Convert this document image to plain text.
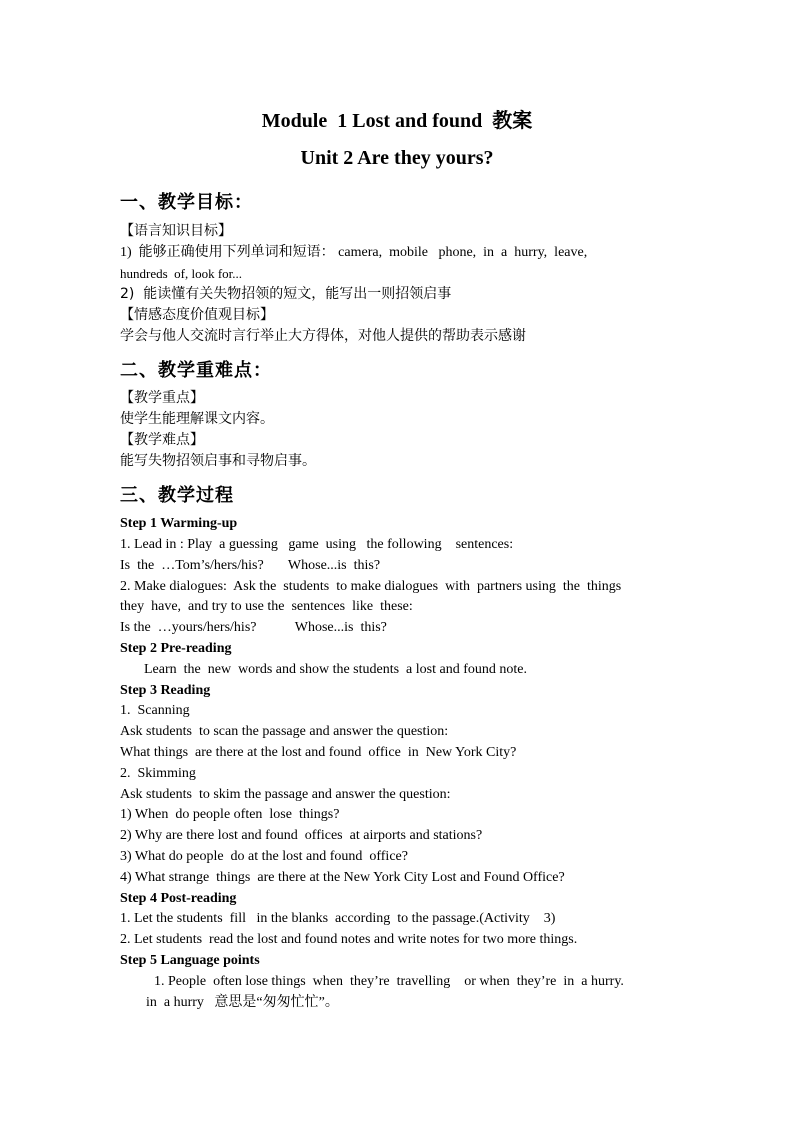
Module  1 Lost and found  教案
Unit 2 Are they yours?
一、教学目标：
【语言知识目标】
1)  能够正确使用下列单词和短语： camera,  mobile   phone,  in  a  hurry,  leave,
hundreds  of, look for...
2)  能读懂有关失物招领的短文，能写出一则招领启事
【情感态度价值观目标】
学会与他人交流时言行举止大方得体，对他人提供的帮助表示感谢
二、教学重难点：
【教学重点】
使学生能理解课文内容。
【教学难点】
能写失物招领启事和寻物启事。
三、教学过程
Step 1 Warming-up
1. Lead in : Play  a guessing   game  using   the following    sentences:
Is  the  …Tom’s/hers/his?       Whose...is  this?
2. Make dialogues:  Ask the  students  to make dialogues  with  partners using  the  things
they  have,  and try to use the  sentences  like  these:
Is the  …yours/hers/his?           Whose...is  this?
Step 2 Pre-reading
Learn  the  new  words and show the students  a lost and found note.
Step 3 Reading
1.  Scanning
Ask students  to scan the passage and answer the question:
What things  are there at the lost and found  office  in  New York City?
2.  Skimming
Ask students  to skim the passage and answer the question:
1) When  do people often  lose  things?
2) Why are there lost and found  offices  at airports and stations?
3) What do people  do at the lost and found  office?
4) What strange  things  are there at the New York City Lost and Found Office?
Step 4 Post-reading
1. Let the students  fill   in the blanks  according  to the passage.(Activity    3)
2. Let students  read the lost and found notes and write notes for two more things.
Step 5 Language points
1. People  often lose things  when  they’re  travelling    or when  they’re  in  a hurry.
in  a hurry   意思是“匆匆忙忙”。
